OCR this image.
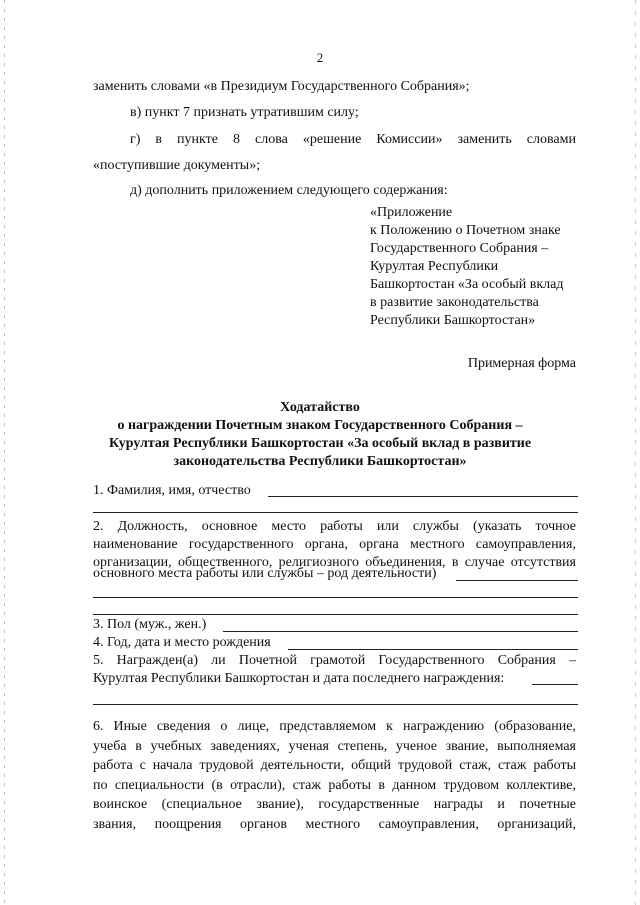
2
заменить словами «в Президиум Государственного Собрания»;
в) пункт 7 признать утратившим силу;
г) в пункте 8 слова «решение Комиссии» заменить словами
«поступившие документы»;
д) дополнить приложением следующего содержания:
«Приложение
к Положению о Почетном знаке
Государственного Собрания –
Курултая Республики
Башкортостан «За особый вклад
в развитие законодательства
Республики Башкортостан»
Примерная форма
Ходатайство
о награждении Почетным знаком Государственного Собрания –
Курултая Республики Башкортостан «За особый вклад в развитие
законодательства Республики Башкортостан»
1. Фамилия, имя, отчество
2. Должность, основное место работы или службы (указать точное
наименование государственного органа, органа местного самоуправления,
организации, общественного, религиозного объединения, в случае отсутствия
основного места работы или службы – род деятельности)
3. Пол (муж., жен.)
4. Год, дата и место рождения
5. Награжден(а) ли Почетной грамотой Государственного Собрания –
Курултая Республики Башкортостан и дата последнего награждения:
6. Иные сведения о лице, представляемом к награждению (образование,
учеба в учебных заведениях, ученая степень, ученое звание, выполняемая
работа с начала трудовой деятельности, общий трудовой стаж, стаж работы
по специальности (в отрасли), стаж работы в данном трудовом коллективе,
воинское (специальное звание), государственные награды и почетные
звания, поощрения органов местного самоуправления, организаций,
